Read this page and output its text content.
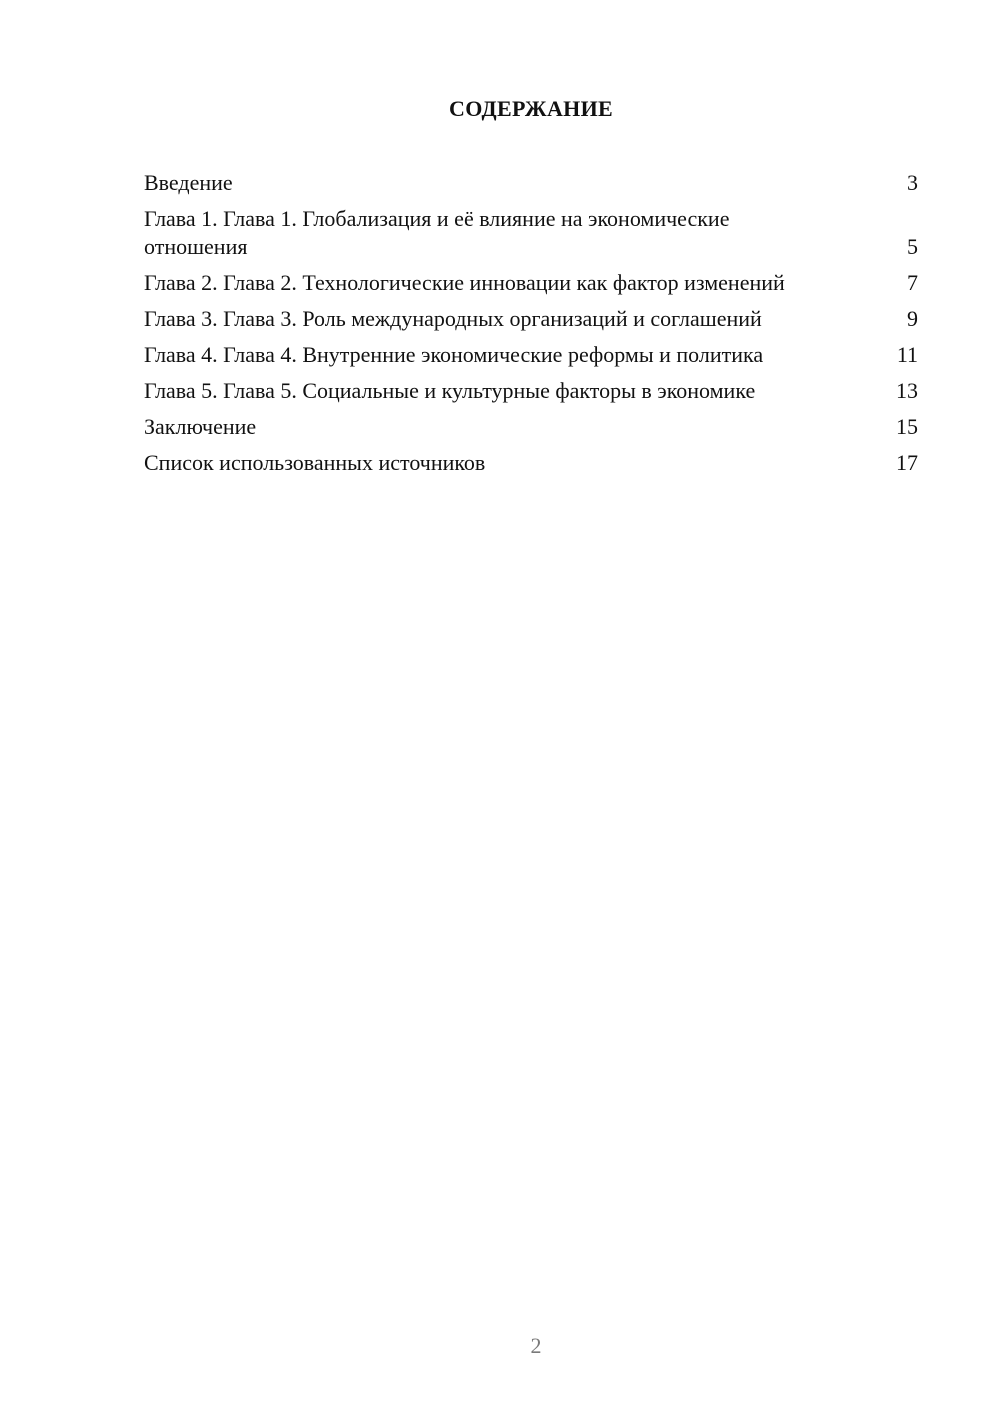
СОДЕРЖАНИЕ
Введение	3
Глава 1. Глава 1. Глобализация и её влияние на экономические отношения	5
Глава 2. Глава 2. Технологические инновации как фактор изменений	7
Глава 3. Глава 3. Роль международных организаций и соглашений	9
Глава 4. Глава 4. Внутренние экономические реформы и политика	11
Глава 5. Глава 5. Социальные и культурные факторы в экономике	13
Заключение	15
Список использованных источников	17
2
